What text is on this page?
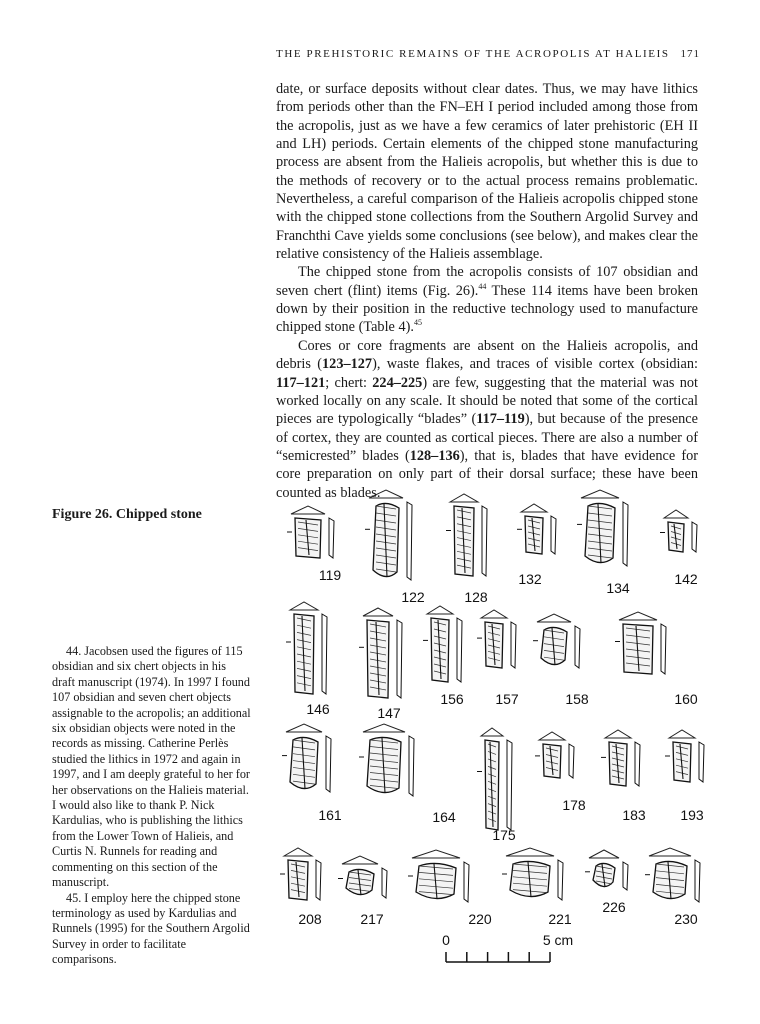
THE PREHISTORIC REMAINS OF THE ACROPOLIS AT HALIEIS 171

date, or surface deposits without clear dates. Thus, we may have lithics from periods other than the FN–EH I period included among those from the acropolis, just as we have a few ceramics of later prehistoric (EH II and LH) periods. Certain elements of the chipped stone manufacturing process are absent from the Halieis acropolis, but whether this is due to the methods of recovery or to the actual process remains problematic. Nevertheless, a careful comparison of the Halieis acropolis chipped stone with the chipped stone collections from the Southern Argolid Survey and Franchthi Cave yields some conclusions (see below), and makes clear the relative consistency of the Halieis assemblage.

The chipped stone from the acropolis consists of 107 obsidian and seven chert (flint) items (Fig. 26).$^{44}$ These 114 items have been broken down by their position in the reductive technology used to manufacture chipped stone (Table 4).$^{45}$

Cores or core fragments are absent on the Halieis acropolis, and debris (123–127), waste flakes, and traces of visible cortex (obsidian: 117–121; chert: 224–225) are few, suggesting that the material was not worked locally on any scale. It should be noted that some of the cortical pieces are typologically “blades” (117–119), but because of the presence of cortex, they are counted as cortical pieces. There are also a number of “semicrested” blades (128–136), that is, blades that have evidence for core preparation on only part of their dorsal surface; these have been counted as blades.

Figure 26. Chipped stone

44. Jacobsen used the figures of 115 obsidian and six chert objects in his draft manuscript (1974). In 1997 I found 107 obsidian and seven chert objects assignable to the acropolis; an additional six obsidian objects were noted in the records as missing. Catherine Perlès studied the lithics in 1972 and again in 1997, and I am deeply grateful to her for her observations on the Halieis material. I would also like to thank P. Nick Kardulias, who is publishing the lithics from the Lower Town of Halieis, and Curtis N. Runnels for reading and commenting on this section of the manuscript.

45. I employ here the chipped stone terminology as used by Kardulias and Runnels (1995) for the Southern Argolid Survey in order to facilitate comparisons.

119
122	128
132
134
142
146	147
156 157	158	160
161	164
175
178
183 193
208	217	220	221
226
230
0	5 cm
